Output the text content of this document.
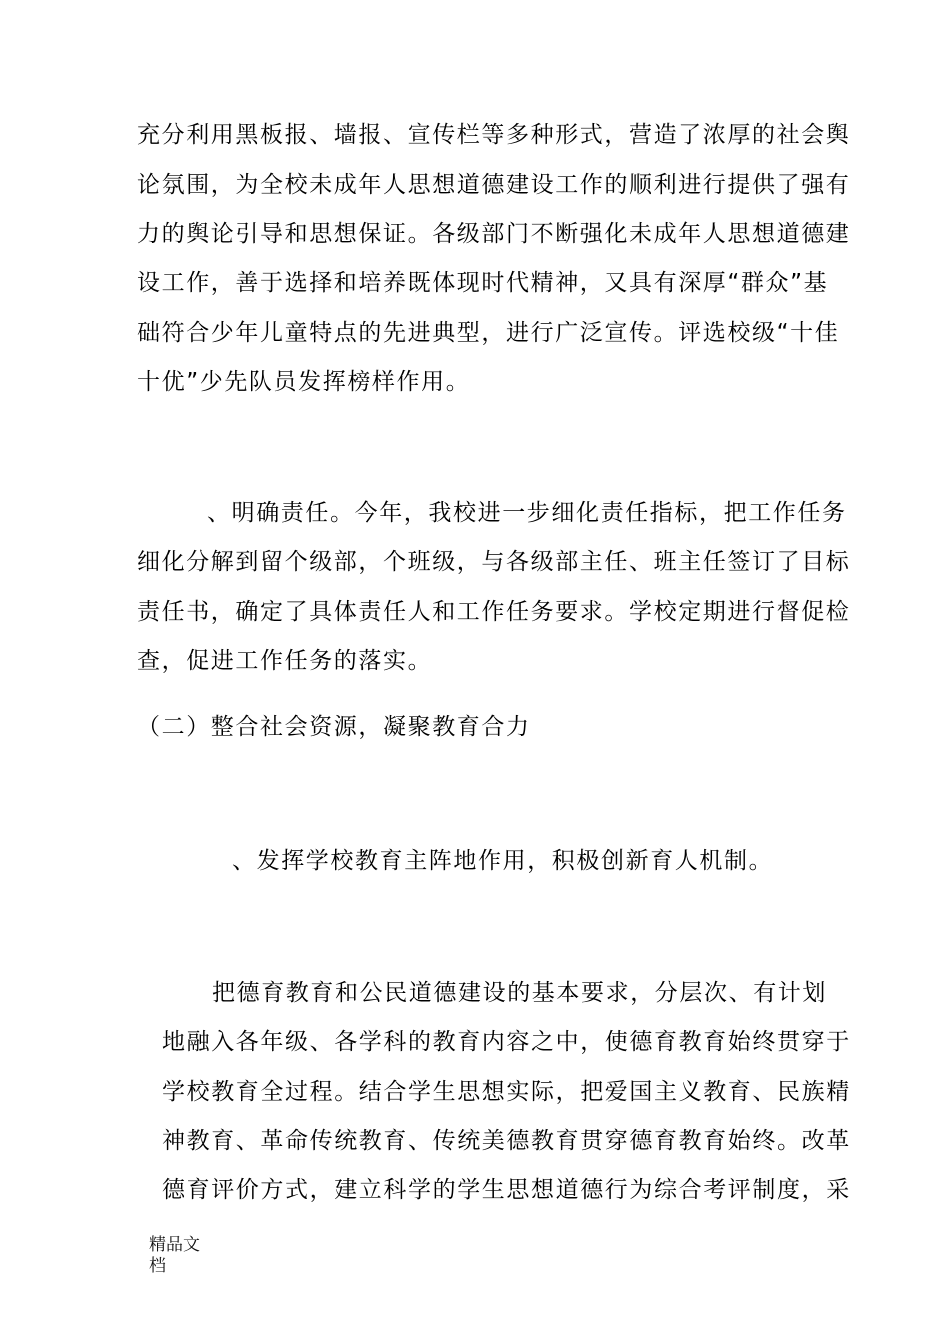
充分利用黑板报、墙报、宣传栏等多种形式，营造了浓厚的社会舆
论氛围，为全校未成年人思想道德建设工作的顺利进行提供了强有
力的舆论引导和思想保证。各级部门不断强化未成年人思想道德建
设工作，善于选择和培养既体现时代精神，又具有深厚“群众”基
础符合少年儿童特点的先进典型，进行广泛宣传。评选校级“十佳
十优”少先队员发挥榜样作用。
、明确责任。今年，我校进一步细化责任指标，把工作任务
细化分解到留个级部，个班级，与各级部主任、班主任签订了目标
责任书，确定了具体责任人和工作任务要求。学校定期进行督促检
查，促进工作任务的落实。
（二）整合社会资源，凝聚教育合力
、发挥学校教育主阵地作用，积极创新育人机制。
把德育教育和公民道德建设的基本要求，分层次、有计划
地融入各年级、各学科的教育内容之中，使德育教育始终贯穿于
学校教育全过程。结合学生思想实际，把爱国主义教育、民族精
神教育、革命传统教育、传统美德教育贯穿德育教育始终。改革
德育评价方式，建立科学的学生思想道德行为综合考评制度，采
精品文
档
